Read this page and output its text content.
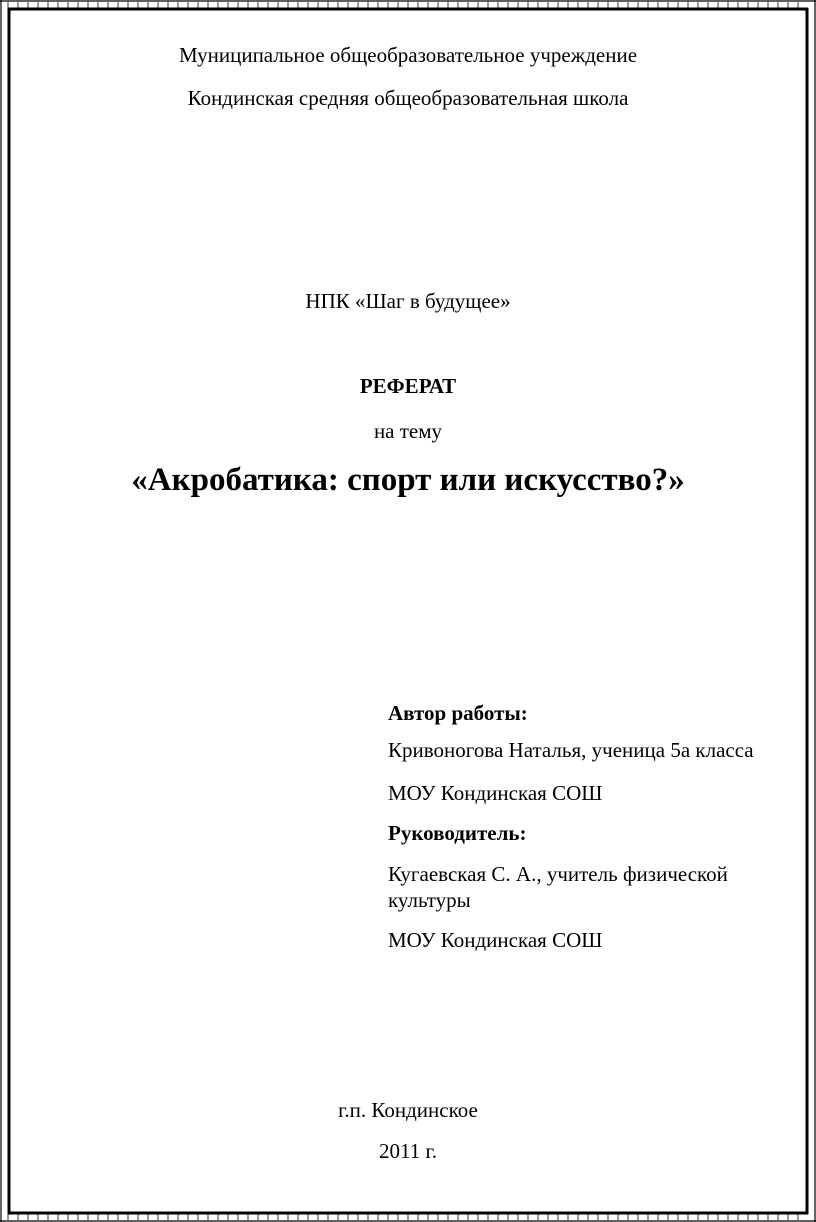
Муниципальное общеобразовательное учреждение
Кондинская средняя общеобразовательная школа
НПК «Шаг в будущее»
РЕФЕРАТ
на тему
«Акробатика: спорт или искусство?»

Автор работы:

Кривоногова Наталья, ученица 5а класса
МОУ Кондинская СОШ
Руководитель:
Кугаевская С. А., учитель физической
культуры
МОУ Кондинская СОШ
г.п. Кондинское
2011 г.
